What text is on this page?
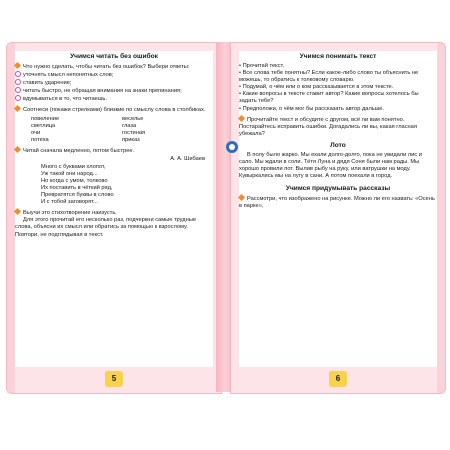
Учимся читать без ошибок

Что нужно сделать, чтобы читать без ошибок? Выбери ответы:

уточнять смысл непонятных слов;

ставить ударение;

читать быстро, не обращая внимания на знаки препинания;

вдумываться в то, что читаешь.

Соотнеси (покажи стрелками) близкие по смыслу слова в столбиках.

повеление	веселье
светлица	глаза
очи	гостиная
потеха	приказ

Читай сначала медленно, потом быстрее.

А. А. Шибаев
Много с буквами хлопот,
Уж такой они народ...
Но когда с умом, толково
Их поставить в чёткий ряд,
Превратятся буквы в слово
И с тобой заговорят...

Выучи это стихотворение наизусть.

Для этого прочитай его несколько раз, подчеркни самые трудные слова, объясни их смысл или обратись за помощью к взрослому. Повтори, не подглядывая в текст.

5
Учимся понимать текст

• Прочитай текст.

• Все слова тебе понятны? Если какое-либо слово ты объяснить не можешь, то обратись к толковому словарю.

• Подумай, о чём или о ком рассказывается в этом тексте.

• Какие вопросы в тексте ставит автор? Какие вопросы хотелось бы задать тебе?

• Предположи, о чём мог бы рассказать автор дальше.

Прочитайте текст и обсудите с другом, всё ли вам понятно. Постарайтесь исправить ошибки. Догадались ли вы, какая гласная убежала?

Лото

В полу было жарко. Мы ехали долго-долго, пока не увидали лис и сало. Мы ждали в соли. Тётя Луна и дядя Соня были нам рады. Мы хорошо провили пот. Вылив рыбу на руку, или ватрушки на моду. Кувыркались мы на лугу в сани. А потом поехали в город.

Учимся придумывать рассказы

Рассмотри, что изображено на рисунке. Можно ли его назвать: «Осень в парке»,

6
